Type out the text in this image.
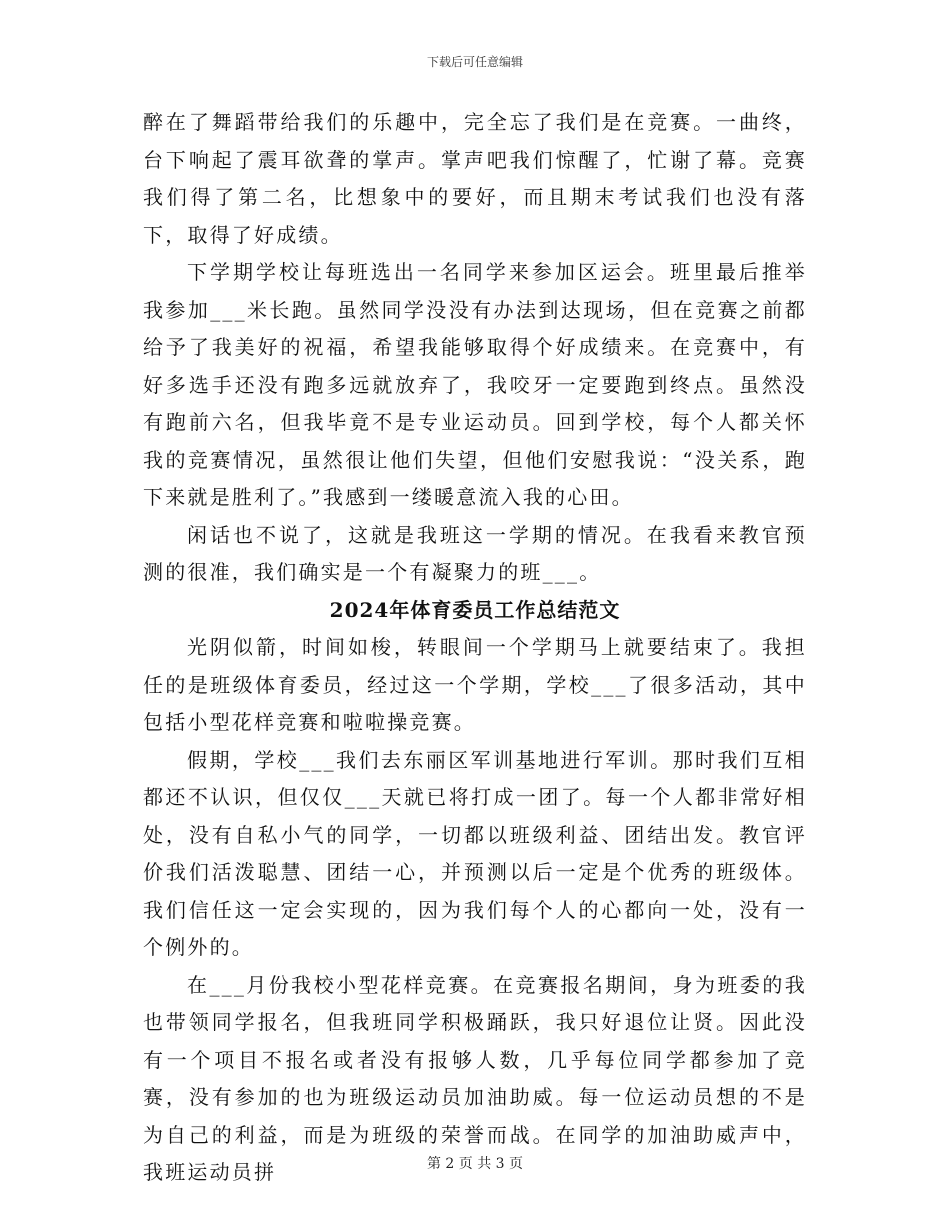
下载后可任意编辑

醉在了舞蹈带给我们的乐趣中，完全忘了我们是在竞赛。一曲终，台下响起了震耳欲聋的掌声。掌声吧我们惊醒了，忙谢了幕。竞赛我们得了第二名，比想象中的要好，而且期末考试我们也没有落下，取得了好成绩。

下学期学校让每班选出一名同学来参加区运会。班里最后推举我参加___米长跑。虽然同学没没有办法到达现场，但在竞赛之前都给予了我美好的祝福，希望我能够取得个好成绩来。在竞赛中，有好多选手还没有跑多远就放弃了，我咬牙一定要跑到终点。虽然没有跑前六名，但我毕竟不是专业运动员。回到学校，每个人都关怀我的竞赛情况，虽然很让他们失望，但他们安慰我说：“没关系，跑下来就是胜利了。”我感到一缕暖意流入我的心田。

闲话也不说了，这就是我班这一学期的情况。在我看来教官预测的很准，我们确实是一个有凝聚力的班___。

2024年体育委员工作总结范文

光阴似箭，时间如梭，转眼间一个学期马上就要结束了。我担任的是班级体育委员，经过这一个学期，学校___了很多活动，其中包括小型花样竞赛和啦啦操竞赛。

假期，学校___我们去东丽区军训基地进行军训。那时我们互相都还不认识，但仅仅___天就已将打成一团了。每一个人都非常好相处，没有自私小气的同学，一切都以班级利益、团结出发。教官评价我们活泼聪慧、团结一心，并预测以后一定是个优秀的班级体。我们信任这一定会实现的，因为我们每个人的心都向一处，没有一个例外的。

在___月份我校小型花样竞赛。在竞赛报名期间，身为班委的我也带领同学报名，但我班同学积极踊跃，我只好退位让贤。因此没有一个项目不报名或者没有报够人数，几乎每位同学都参加了竞赛，没有参加的也为班级运动员加油助威。每一位运动员想的不是为自己的利益，而是为班级的荣誉而战。在同学的加油助威声中，我班运动员拼	第 2 页 共 3 页
